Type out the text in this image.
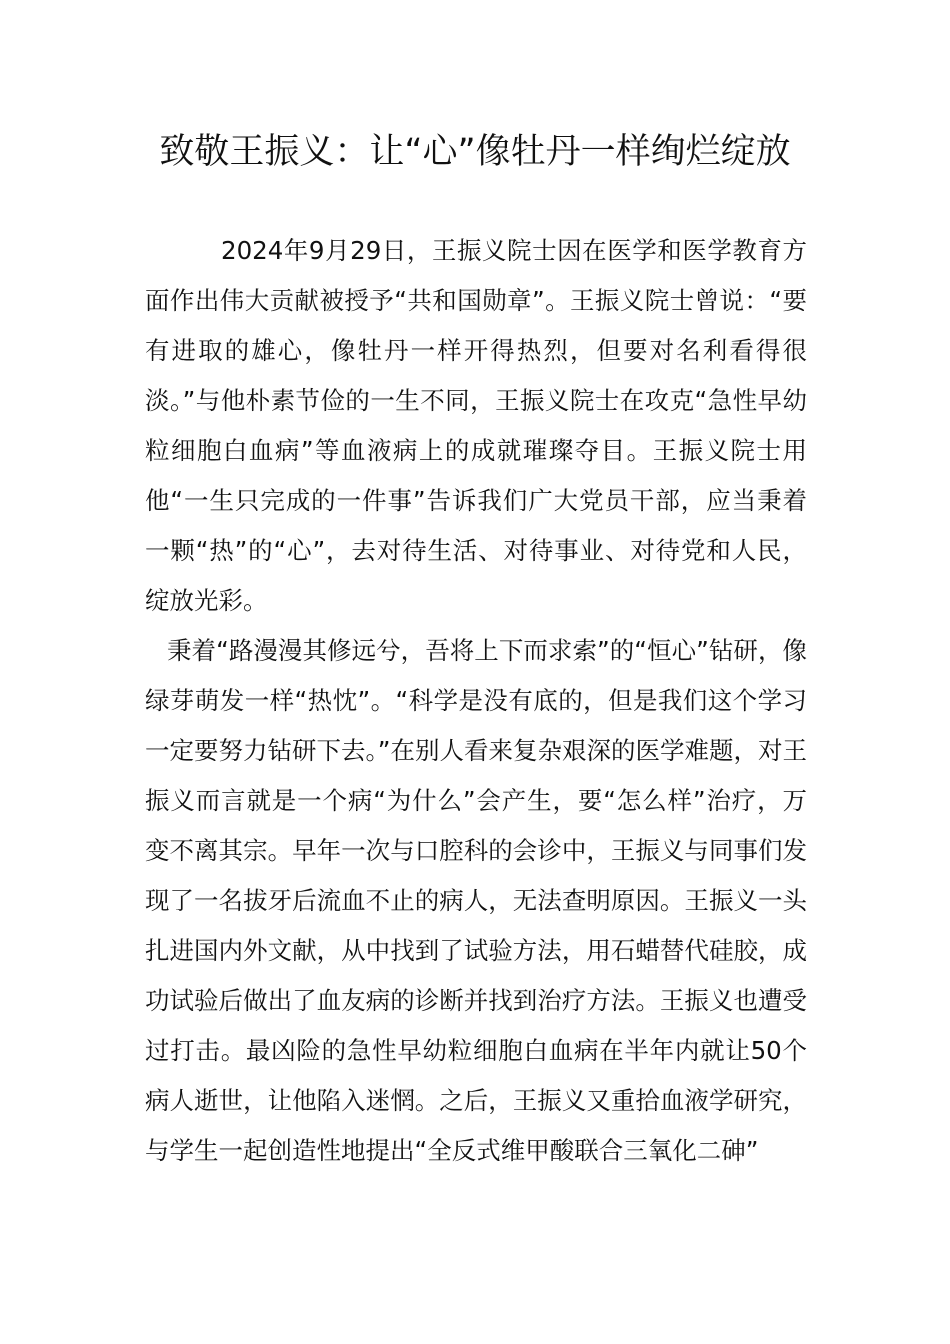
致敬王振义：让“心”像牡丹一样绚烂绽放

2024年9月29日，王振义院士因在医学和医学教育方面作出伟大贡献被授予“共和国勋章”。王振义院士曾说：“要有进取的雄心，像牡丹一样开得热烈，但要对名利看得很淡。”与他朴素节俭的一生不同，王振义院士在攻克“急性早幼粒细胞白血病”等血液病上的成就璀璨夺目。王振义院士用他“一生只完成的一件事”告诉我们广大党员干部，应当秉着一颗“热”的“心”，去对待生活、对待事业、对待党和人民，绽放光彩。

秉着“路漫漫其修远兮，吾将上下而求索”的“恒心”钻研，像绿芽萌发一样“热忱”。“科学是没有底的，但是我们这个学习一定要努力钻研下去。”在别人看来复杂艰深的医学难题，对王振义而言就是一个病“为什么”会产生，要“怎么样”治疗，万变不离其宗。早年一次与口腔科的会诊中，王振义与同事们发现了一名拔牙后流血不止的病人，无法查明原因。王振义一头扎进国内外文献，从中找到了试验方法，用石蜡替代硅胶，成功试验后做出了血友病的诊断并找到治疗方法。王振义也遭受过打击。最凶险的急性早幼粒细胞白血病在半年内就让50个病人逝世，让他陷入迷惘。之后，王振义又重拾血液学研究，与学生一起创造性地提出“全反式维甲酸联合三氧化二砷”
